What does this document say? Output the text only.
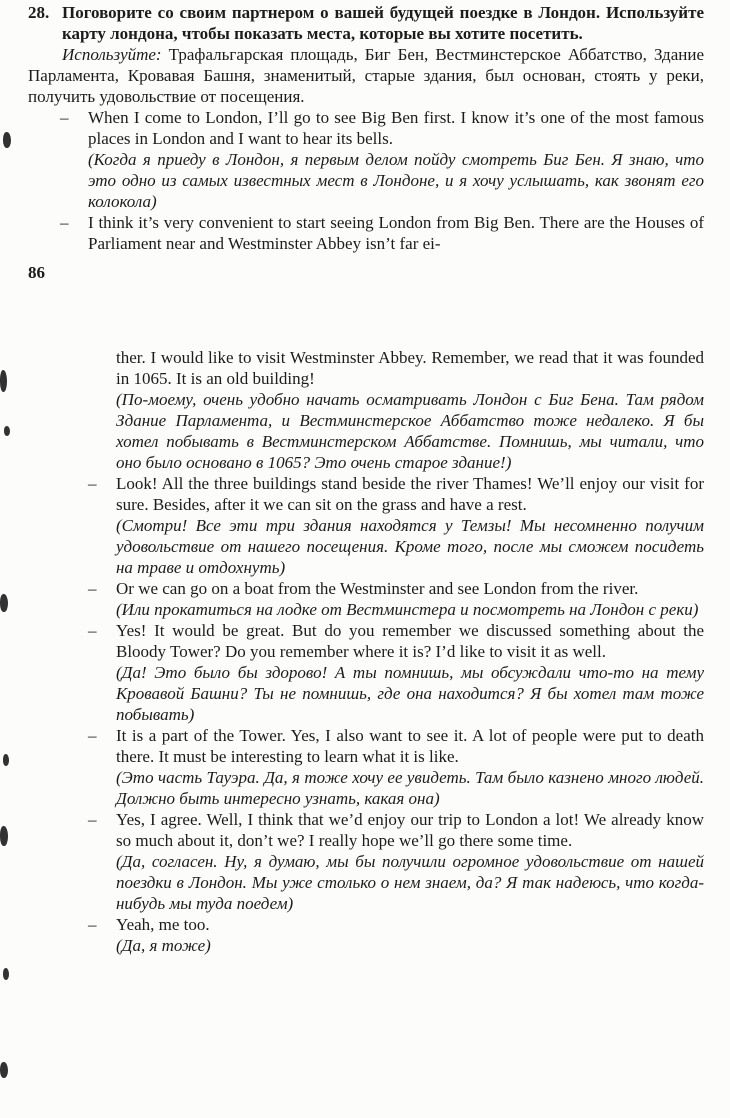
28. Поговорите со своим партнером о вашей будущей поездке в Лондон. Используйте карту лондона, чтобы показать места, которые вы хотите посетить.

Используйте: Трафальгарская площадь, Биг Бен, Вестминстерское Аббатство, Здание Парламента, Кровавая Башня, знаменитый, старые здания, был основан, стоять у реки, получить удовольствие от посещения.

– When I come to London, I’ll go to see Big Ben first. I know it’s one of the most famous places in London and I want to hear its bells.

(Когда я приеду в Лондон, я первым делом пойду смотреть Биг Бен. Я знаю, что это одно из самых известных мест в Лондоне, и я хочу услышать, как звонят его колокола)

– I think it’s very convenient to start seeing London from Big Ben. There are the Houses of Parliament near and Westminster Abbey isn’t far ei-

86

ther. I would like to visit Westminster Abbey. Remember, we read that it was founded in 1065. It is an old building!

(По-моему, очень удобно начать осматривать Лондон с Биг Бена. Там рядом Здание Парламента, и Вестминстерское Аббатство тоже недалеко. Я бы хотел побывать в Вестминстерском Аббатстве. Помнишь, мы читали, что оно было основано в 1065? Это очень старое здание!)

– Look! All the three buildings stand beside the river Thames! We’ll enjoy our visit for sure. Besides, after it we can sit on the grass and have a rest.

(Смотри! Все эти три здания находятся у Темзы! Мы несомненно получим удовольствие от нашего посещения. Кроме того, после мы сможем посидеть на траве и отдохнуть)

– Or we can go on a boat from the Westminster and see London from the river.

(Или прокатиться на лодке от Вестминстера и посмотреть на Лондон с реки)

– Yes! It would be great. But do you remember we discussed something about the Bloody Tower? Do you remember where it is? I’d like to visit it as well.

(Да! Это было бы здорово! А ты помнишь, мы обсуждали что-то на тему Кровавой Башни? Ты не помнишь, где она находится? Я бы хотел там тоже побывать)

– It is a part of the Tower. Yes, I also want to see it. A lot of people were put to death there. It must be interesting to learn what it is like.

(Это часть Тауэра. Да, я тоже хочу ее увидеть. Там было казнено много людей. Должно быть интересно узнать, какая она)

– Yes, I agree. Well, I think that we’d enjoy our trip to London a lot! We already know so much about it, don’t we? I really hope we’ll go there some time.

(Да, согласен. Ну, я думаю, мы бы получили огромное удовольствие от нашей поездки в Лондон. Мы уже столько о нем знаем, да? Я так надеюсь, что когда-нибудь мы туда поедем)

– Yeah, me too.

(Да, я тоже)
